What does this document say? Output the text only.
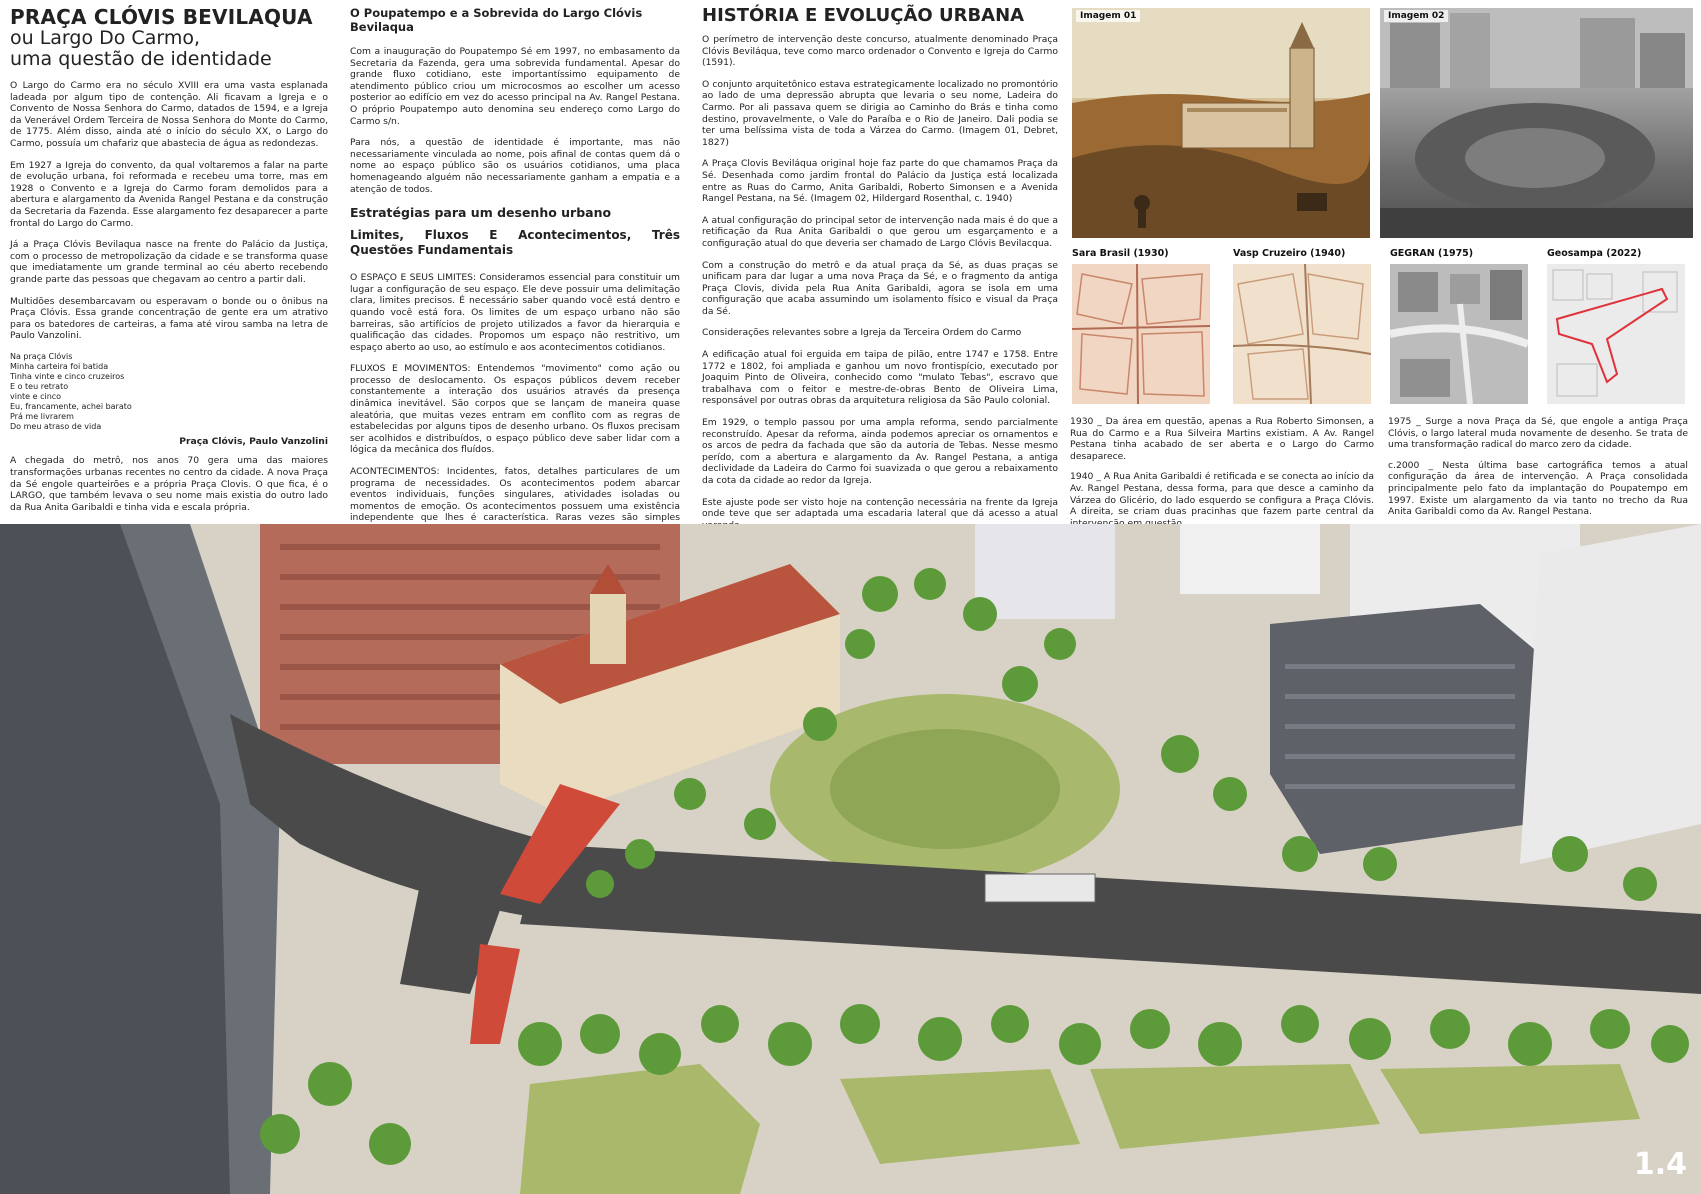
PRAÇA CLÓVIS BEVILAQUA
ou Largo Do Carmo,
uma questão de identidade

O Largo do Carmo era no século XVIII era uma vasta esplanada ladeada por algum tipo de contenção. Ali ficavam a Igreja e o Convento de Nossa Senhora do Carmo, datados de 1594, e a Igreja da Venerável Ordem Terceira de Nossa Senhora do Monte do Carmo, de 1775. Além disso, ainda até o início do século XX, o Largo do Carmo, possuía um chafariz que abastecia de água as redondezas.

Em 1927 a Igreja do convento, da qual voltaremos a falar na parte de evolução urbana, foi reformada e recebeu uma torre, mas em 1928 o Convento e a Igreja do Carmo foram demolidos para a abertura e alargamento da Avenida Rangel Pestana e da construção da Secretaria da Fazenda. Esse alargamento fez desaparecer a parte frontal do Largo do Carmo.

Já a Praça Clóvis Bevilaqua nasce na frente do Palácio da Justiça, com o processo de metropolização da cidade e se transforma quase que imediatamente um grande terminal ao céu aberto recebendo grande parte das pessoas que chegavam ao centro a partir dali.

Multidões desembarcavam ou esperavam o bonde ou o ônibus na Praça Clóvis. Essa grande concentração de gente era um atrativo para os batedores de carteiras, a fama até virou samba na letra de Paulo Vanzolini.

Na praça Clóvis
Minha carteira foi batida
Tinha vinte e cinco cruzeiros
E o teu retrato
vinte e cinco
Eu, francamente, achei barato
Prá me livrarem
Do meu atraso de vida
Praça Clóvis, Paulo Vanzolini

A chegada do metrô, nos anos 70 gera uma das maiores transformações urbanas recentes no centro da cidade. A nova Praça da Sé engole quarteirões e a própria Praça Clovis. O que fica, é o LARGO, que também levava o seu nome mais existia do outro lado da Rua Anita Garibaldi e tinha vida e escala própria.

O Poupatempo e a Sobrevida do Largo Clóvis Bevilaqua

Com a inauguração do Poupatempo Sé em 1997, no embasamento da Secretaria da Fazenda, gera uma sobrevida fundamental. Apesar do grande fluxo cotidiano, este importantíssimo equipamento de atendimento público criou um microcosmos ao escolher um acesso posterior ao edifício em vez do acesso principal na Av. Rangel Pestana. O próprio Poupatempo auto denomina seu endereço como Largo do Carmo s/n.

Para nós, a questão de identidade é importante, mas não necessariamente vinculada ao nome, pois afinal de contas quem dá o nome ao espaço público são os usuários cotidianos, uma placa homenageando alguém não necessariamente ganham a empatia e a atenção de todos.

Estratégias para um desenho urbano
Limites, Fluxos E Acontecimentos, Três Questões Fundamentais

O ESPAÇO E SEUS LIMITES: Consideramos essencial para constituir um lugar a configuração de seu espaço. Ele deve possuir uma delimitação clara, limites precisos. É necessário saber quando você está dentro e quando você está fora. Os limites de um espaço urbano não são barreiras, são artifícios de projeto utilizados a favor da hierarquia e qualificação das cidades. Propomos um espaço não restritivo, um espaço aberto ao uso, ao estímulo e aos acontecimentos cotidianos.

FLUXOS E MOVIMENTOS: Entendemos "movimento" como ação ou processo de deslocamento. Os espaços públicos devem receber constantemente a interação dos usuários através da presença dinâmica inevitável. São corpos que se lançam de maneira quase aleatória, que muitas vezes entram em conflito com as regras de estabelecidas por alguns tipos de desenho urbano. Os fluxos precisam ser acolhidos e distribuídos, o espaço público deve saber lidar com a lógica da mecânica dos fluídos.

ACONTECIMENTOS: Incidentes, fatos, detalhes particulares de um programa de necessidades. Os acontecimentos podem abarcar eventos individuais, funções singulares, atividades isoladas ou momentos de emoção. Os acontecimentos possuem uma existência independente que lhes é característica. Raras vezes são simples

HISTÓRIA E EVOLUÇÃO URBANA

O perímetro de intervenção deste concurso, atualmente denominado Praça Clóvis Beviláqua, teve como marco ordenador o Convento e Igreja do Carmo (1591).

O conjunto arquitetônico estava estrategicamente localizado no promontório ao lado de uma depressão abrupta que levaria o seu nome, Ladeira do Carmo. Por ali passava quem se dirigia ao Caminho do Brás e tinha como destino, provavelmente, o Vale do Paraíba e o Rio de Janeiro. Dali podia se ter uma belíssima vista de toda a Várzea do Carmo. (Imagem 01, Debret, 1827)

A Praça Clovis Beviláqua original hoje faz parte do que chamamos Praça da Sé. Desenhada como jardim frontal do Palácio da Justiça está localizada entre as Ruas do Carmo, Anita Garibaldi, Roberto Simonsen e a Avenida Rangel Pestana, na Sé. (Imagem 02, Hildergard Rosenthal, c. 1940)

A atual configuração do principal setor de intervenção nada mais é do que a retificação da Rua Anita Garibaldi o que gerou um esgarçamento e a configuração atual do que deveria ser chamado de Largo Clóvis Bevilacqua.

Com a construção do metrô e da atual praça da Sé, as duas praças se unificam para dar lugar a uma nova Praça da Sé, e o fragmento da antiga Praça Clovis, divida pela Rua Anita Garibaldi, agora se isola em uma configuração que acaba assumindo um isolamento físico e visual da Praça da Sé.

Considerações relevantes sobre a Igreja da Terceira Ordem do Carmo

A edificação atual foi erguida em taipa de pilão, entre 1747 e 1758. Entre 1772 e 1802, foi ampliada e ganhou um novo frontispício, executado por Joaquim Pinto de Oliveira, conhecido como "mulato Tebas", escravo que trabalhava com o feitor e mestre-de-obras Bento de Oliveira Lima, responsável por outras obras da arquitetura religiosa da São Paulo colonial.

Em 1929, o templo passou por uma ampla reforma, sendo parcialmente reconstruído. Apesar da reforma, ainda podemos apreciar os ornamentos e os arcos de pedra da fachada que são da autoria de Tebas. Nesse mesmo perído, com a abertura e alargamento da Av. Rangel Pestana, a antiga declividade da Ladeira do Carmo foi suavizada o que gerou a rebaixamento da cota da cidade ao redor da Igreja.

Este ajuste pode ser visto hoje na contenção necessária na frente da Igreja onde teve que ser adaptada uma escadaria lateral que dá acesso a atual

Imagem 01	Imagem 02
Sara Brasil (1930)	Vasp Cruzeiro (1940)	GEGRAN (1975)	Geosampa (2022)

1930 _ Da área em questão, apenas a Rua Roberto Simonsen, a Rua do Carmo e a Rua Silveira Martins existiam. A Av. Rangel Pestana tinha acabado de ser aberta e o Largo do Carmo desaparece.

1940 _ A Rua Anita Garibaldi é retificada e se conecta ao início da Av. Rangel Pestana, dessa forma, para que desce a caminho da Várzea do Glicério, do lado esquerdo se configura a Praça Clóvis. A direita, se criam duas pracinhas que fazem parte central da

1975 _ Surge a nova Praça da Sé, que engole a antiga Praça Clóvis, o largo lateral muda novamente de desenho. Se trata de uma transformação radical do marco zero da cidade.

c.2000 _ Nesta última base cartográfica temos a atual configuração da área de intervenção. A Praça consolidada principalmente pelo fato da implantação do Poupatempo em 1997. Existe um alargamento da via tanto no trecho da Rua Anita Garibaldi como da Av. Rangel Pestana.

1.4
